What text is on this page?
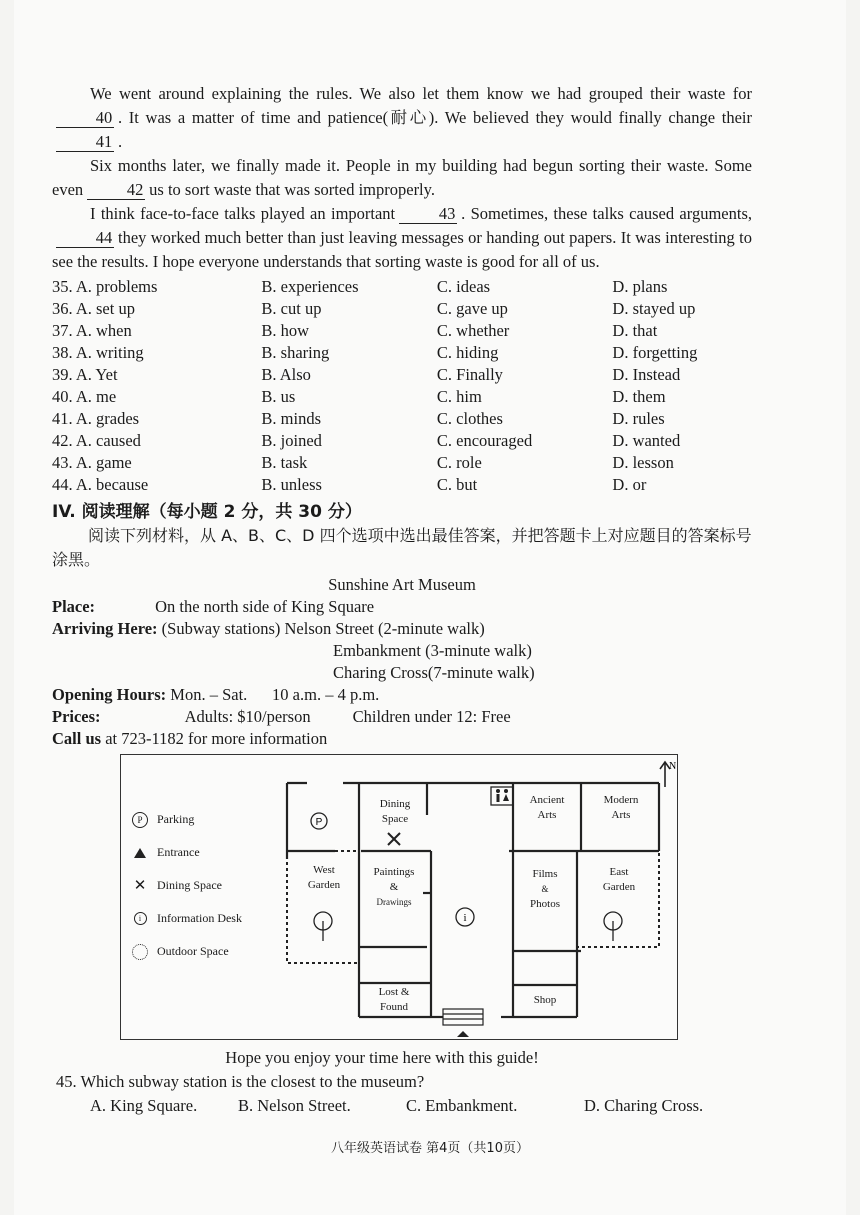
We went around explaining the rules. We also let them know we had grouped their waste for40 . It was a matter of time and patience(耐心). We believed they would finally change their41 .

Six months later, we finally made it. People in my building had begun sorting their waste. Some even	42 us to sort waste that was sorted improperly.

I think face-to-face talks played an important	43 . Sometimes, these talks caused arguments,44 they worked much better than just leaving messages or handing out papers. It was interesting to see the results. I hope everyone understands that sorting waste is good for all of us.

35. A. problems	B. experiences	C. ideas	D. plans
36. A. set up	B. cut up	C. gave up	D. stayed up
37. A. when	B. how	C. whether	D. that
38. A. writing	B. sharing	C. hiding	D. forgetting
39. A. Yet	B. Also	C. Finally	D. Instead
40. A. me	B. us	C. him	D. them
41. A. grades	B. minds	C. clothes	D. rules
42. A. caused	B. joined	C. encouraged	D. wanted
43. A. game	B. task	C. role	D. lesson
44. A. because	B. unless	C. but	D. or
IV. 阅读理解（每小题 2 分，共 30 分）

阅读下列材料，从 A、B、C、D 四个选项中选出最佳答案，并把答题卡上对应题目的答案标号涂黑。

Sunshine Art Museum
Place:	On the north side of King Square
Arriving Here: (Subway stations) Nelson Street (2-minute walk)
Embankment (3-minute walk)
Charing Cross(7-minute walk)
Opening Hours: Mon. – Sat.      10 a.m. – 4 p.m.
Prices:	Adults: $10/person	Children under 12: Free
Call us at 723-1182 for more information
P
i
N
P	Parking
Entrance
✕ Dining Space
i	Information Desk
Outdoor Space
Dining
Space
Ancient
Arts
Modern
Arts
West
Garden
Paintings
&
Drawings
Films
&
Photos
East
Garden
Lost &
Found
Shop
Hope you enjoy your time here with this guide!
45. Which subway station is the closest to the museum?
A. King Square.	B. Nelson Street.	C. Embankment.	D. Charing Cross.
八年级英语试卷 第4页（共10页）
